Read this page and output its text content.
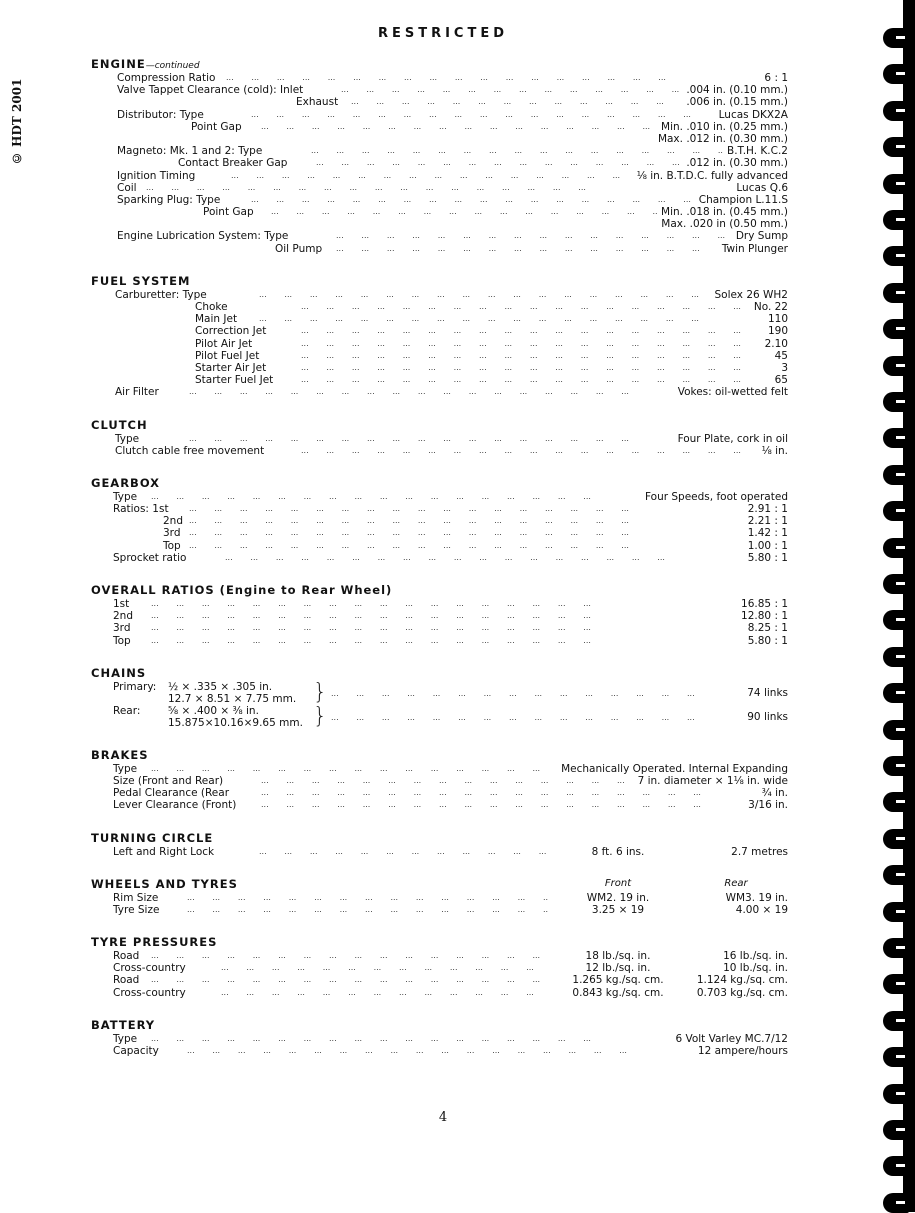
RESTRICTED
© HDT 2001
ENGINE—continued
Compression Ratio ...	6 : 1
Valve Tappet Clearance (cold): Inlet ...	.004 in. (0.10 mm.)
Exhaust ...	.006 in. (0.15 mm.)
Distributor: Type ...	Lucas DKX2A
Point Gap ...	Min. .010 in. (0.25 mm.)
Max. .012 in. (0.30 mm.)
Magneto: Mk. 1 and 2: Type ...	B.T.H. K.C.2
Contact Breaker Gap ...	.012 in. (0.30 mm.)
Ignition Timing ...	⅛ in. B.T.D.C. fully advanced
Coil ...	Lucas Q.6
Sparking Plug: Type ...	Champion L.11.S
Point Gap ...	Min. .018 in. (0.45 mm.)
Max. .020 in (0.50 mm.)
Engine Lubrication System: Type ...	Dry Sump
Oil Pump ...	Twin Plunger
FUEL SYSTEM
Carburetter: Type ...	Solex 26 WH2
Choke ...	No. 22
Main Jet ...	110
Correction Jet ...	190
Pilot Air Jet ...	2.10
Pilot Fuel Jet ...	45
Starter Air Jet ...	3
Starter Fuel Jet ...	65
Air Filter ...	Vokes: oil-wetted felt
CLUTCH
Type ...	Four Plate, cork in oil
Clutch cable free movement ...	⅛ in.
GEARBOX
Type ...	Four Speeds, foot operated
Ratios: 1st ...	2.91 : 1
2nd ...	2.21 : 1
3rd ...	1.42 : 1
Top ...	1.00 : 1
Sprocket ratio ...	5.80 : 1
OVERALL RATIOS (Engine to Rear Wheel)
1st ...	16.85 : 1
2nd ...	12.80 : 1
3rd ...	8.25 : 1
Top ...	5.80 : 1
CHAINS
Primary: ½ × .335 × .305 in.
12.7 × 8.51 × 7.75 mm. } ...	74 links
Rear:	⅝ × .400 × ⅜ in.
15.875×10.16×9.65 mm. } ...	90 links
BRAKES
Type ...	Mechanically Operated. Internal Expanding
Size (Front and Rear) ...	7 in. diameter × 1⅛ in. wide
Pedal Clearance (Rear ...	¾ in.
Lever Clearance (Front) ...	3/16 in.
TURNING CIRCLE
Left and Right Lock ...	8 ft. 6 ins.	2.7 metres
WHEELS AND TYRES	Front	Rear
Rim Size ...	WM2. 19 in.	WM3. 19 in.
Tyre Size ...	3.25 × 19	4.00 × 19
TYRE PRESSURES
Road ...	18 lb./sq. in.	16 lb./sq. in.
Cross-country ...	12 lb./sq. in.	10 lb./sq. in.
Road ...	1.265 kg./sq. cm.	1.124 kg./sq. cm.
Cross-country ...	0.843 kg./sq. cm.	0.703 kg./sq. cm.
BATTERY
Type ...	6 Volt Varley MC.7/12
Capacity ...	12 ampere/hours
4
